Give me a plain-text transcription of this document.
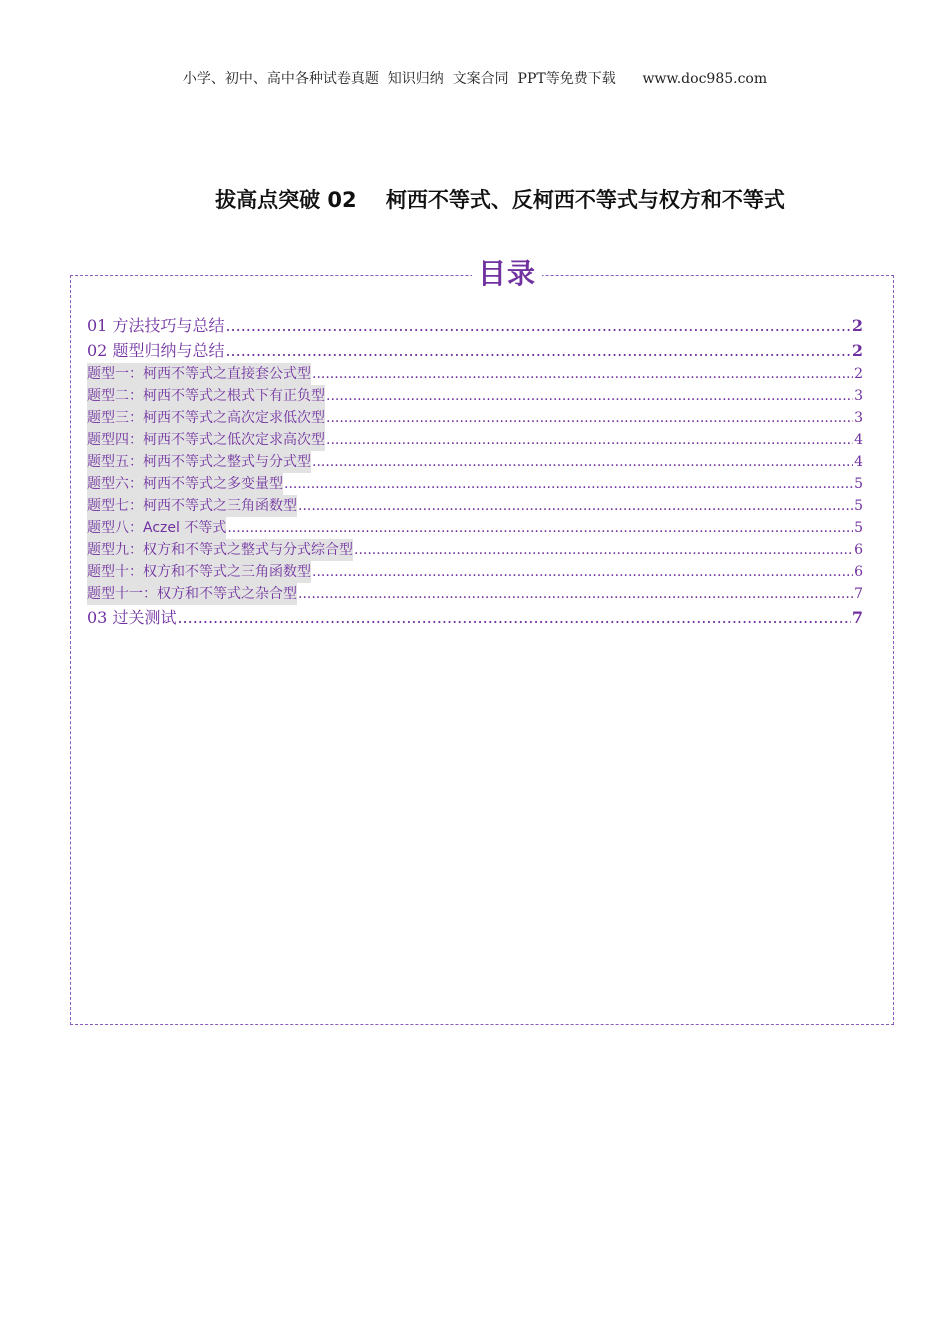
小学、初中、高中各种试卷真题  知识归纳  文案合同  PPT等免费下载      www.doc985.com
拔高点突破 02    柯西不等式、反柯西不等式与权方和不等式
目录
01 方法技巧与总结 .....	2
02 题型归纳与总结 .....	2
题型一：柯西不等式之直接套公式型 .....	2
题型二：柯西不等式之根式下有正负型 .....	3
题型三：柯西不等式之高次定求低次型 .....	3
题型四：柯西不等式之低次定求高次型 .....	4
题型五：柯西不等式之整式与分式型 .....	4
题型六：柯西不等式之多变量型 .....	5
题型七：柯西不等式之三角函数型 .....	5
题型八：Aczel 不等式 .....	5
题型九：权方和不等式之整式与分式综合型 .....	6
题型十：权方和不等式之三角函数型 .....	6
题型十一：权方和不等式之杂合型 .....	7
03 过关测试 .....	7
